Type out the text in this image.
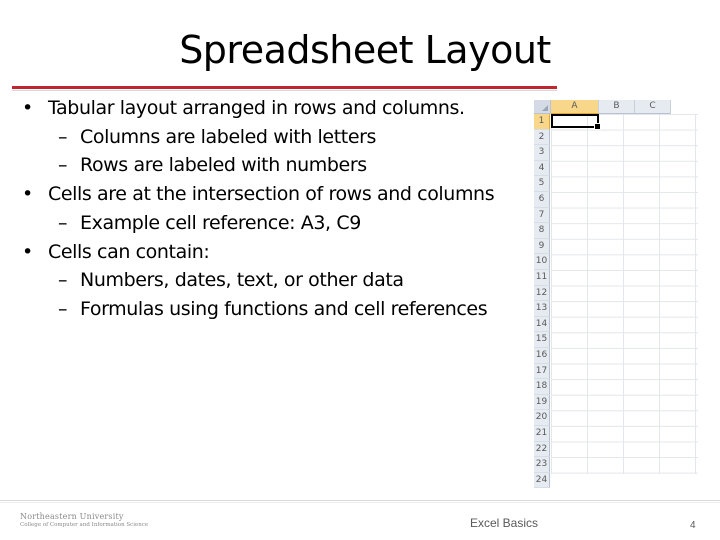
Spreadsheet Layout
• Tabular layout arranged in rows and columns.
– Columns are labeled with letters
– Rows are labeled with numbers
• Cells are at the intersection of rows and columns
– Example cell reference: A3, C9
• Cells can contain:
– Numbers, dates, text, or other data
– Formulas using functions and cell references
A	B	C
1
2
3
4
5
6
7
8
9
10
11
12
13
14
15
16
17
18
19
20
21
22
23
24
Northeastern University
College of Computer and Information Science	Excel Basics	4
